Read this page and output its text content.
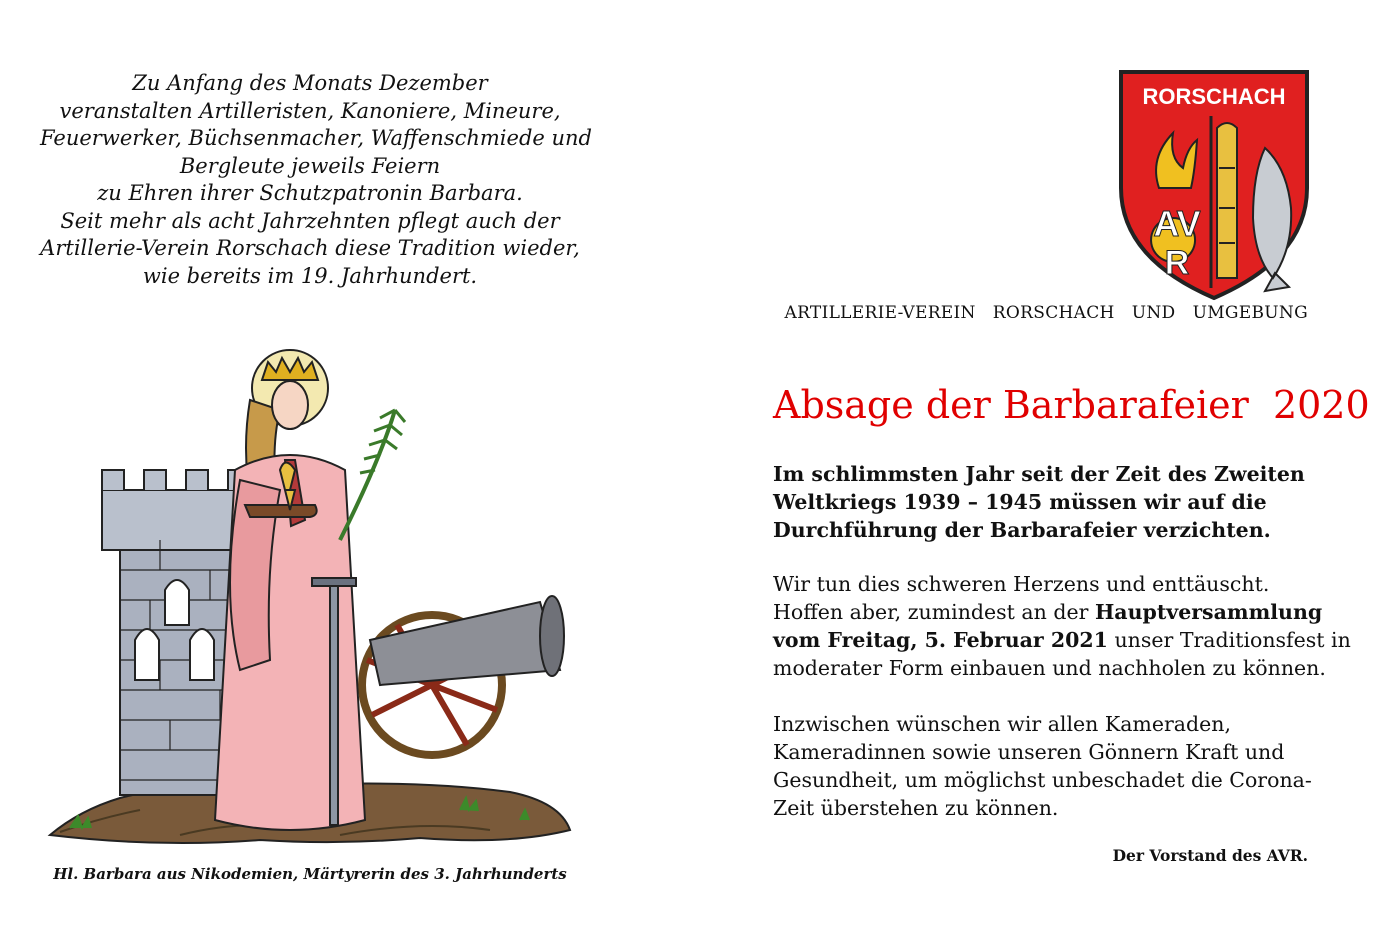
Zu Anfang des Monats Dezember
veranstalten Artilleristen, Kanoniere, Mineure,
Feuerwerker, Büchsenmacher, Waffenschmiede und
Bergleute jeweils Feiern
zu Ehren ihrer Schutzpatronin Barbara.
Seit mehr als acht Jahrzehnten pflegt auch der
Artillerie-Verein Rorschach diese Tradition wieder,
wie bereits im 19. Jahrhundert.
Hl. Barbara aus Nikodemien, Märtyrerin des 3. Jahrhunderts
RORSCHACH
AV
R
ARTILLERIE-VEREIN   RORSCHACH   UND   UMGEBUNG
Absage der Barbarafeier  2020
Im schlimmsten Jahr seit der Zeit des Zweiten
Weltkriegs 1939 – 1945 müssen wir auf die
Durchführung der Barbarafeier verzichten.
Wir tun dies schweren Herzens und enttäuscht.
Hoffen aber, zumindest an der Hauptversammlung
vom Freitag, 5. Februar 2021 unser Traditionsfest in
moderater Form einbauen und nachholen zu können.
Inzwischen wünschen wir allen Kameraden,
Kameradinnen sowie unseren Gönnern Kraft und
Gesundheit, um möglichst unbeschadet die Corona-
Zeit überstehen zu können.
Der Vorstand des AVR.
